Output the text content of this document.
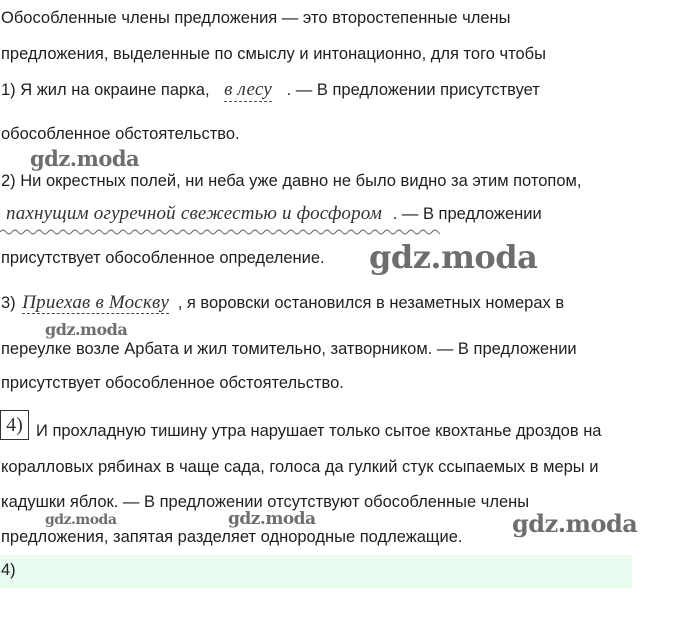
Обособленные члены предложения — это второстепенные члены
предложения, выделенные по смыслу и интонационно, для того чтобы
1) Я жил на окраине парка, в лесу . — В предложении присутствует
обособленное обстоятельство.
2) Ни окрестных полей, ни неба уже давно не было видно за этим потопом,
пахнущим огуречной свежестью и фосфором . — В предложении
присутствует обособленное определение.
3) Приехав в Москву , я воровски остановился в незаметных номерах в
переулке возле Арбата и жил томительно, затворником. — В предложении
присутствует обособленное обстоятельство.
4) И прохладную тишину утра нарушает только сытое квохтанье дроздов на
коралловых рябинах в чаще сада, голоса да гулкий стук ссыпаемых в меры и
кадушки яблок. — В предложении отсутствуют обособленные члены
предложения, запятая разделяет однородные подлежащие.
4)
gdz.moda
gdz.moda
gdz.moda
gdz.moda	gdz.moda	gdz.moda
